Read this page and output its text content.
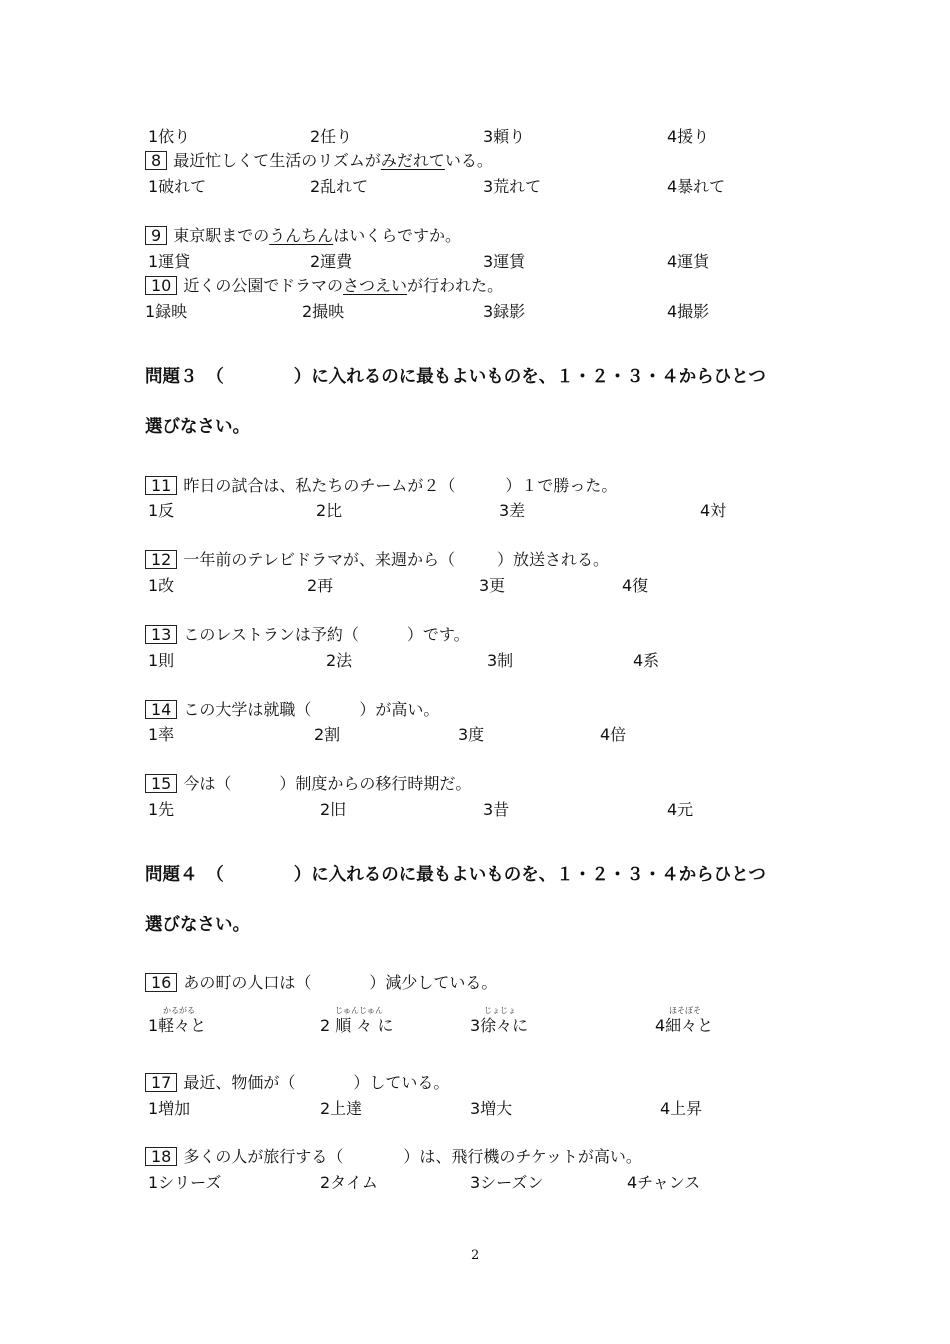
1依り	2任り	3頼り	4援り
8 最近忙しくて生活のリズムがみだれている。
1破れて	2乱れて	3荒れて	4暴れて
9 東京駅までのうんちんはいくらですか。
1運貸	2運費	3運賃	4運貨
10 近くの公園でドラマのさつえいが行われた。
1録映	2撮映	3録影	4撮影
問題３　（　　　　）に入れるのに最もよいものを、１・２・３・４からひとつ
選びなさい。
11 昨日の試合は、私たちのチームが２（	）１で勝った。
1反	2比	3差	4対
12 一年前のテレビドラマが、来週から（	）放送される。
1改	2再	3更	4復
13 このレストランは予約（	）です。
1則	2法	3制	4系
14 この大学は就職（	）が高い。
1率	2割	3度	4倍
15 今は（	）制度からの移行時期だ。
1先	2旧	3昔	4元
問題４　（　　　　）に入れるのに最もよいものを、１・２・３・４からひとつ
選びなさい。
16 あの町の人口は（	）減少している。
かるがる	じゅんじゅん	じょじょ	ほそぼそ
1軽々と	2 順 々 に	3徐々に	4細々と
17 最近、物価が（	）している。
1増加	2上達	3増大	4上昇
18 多くの人が旅行する（	）は、飛行機のチケットが高い。
1シリーズ	2タイム	3シーズン	4チャンス
2
